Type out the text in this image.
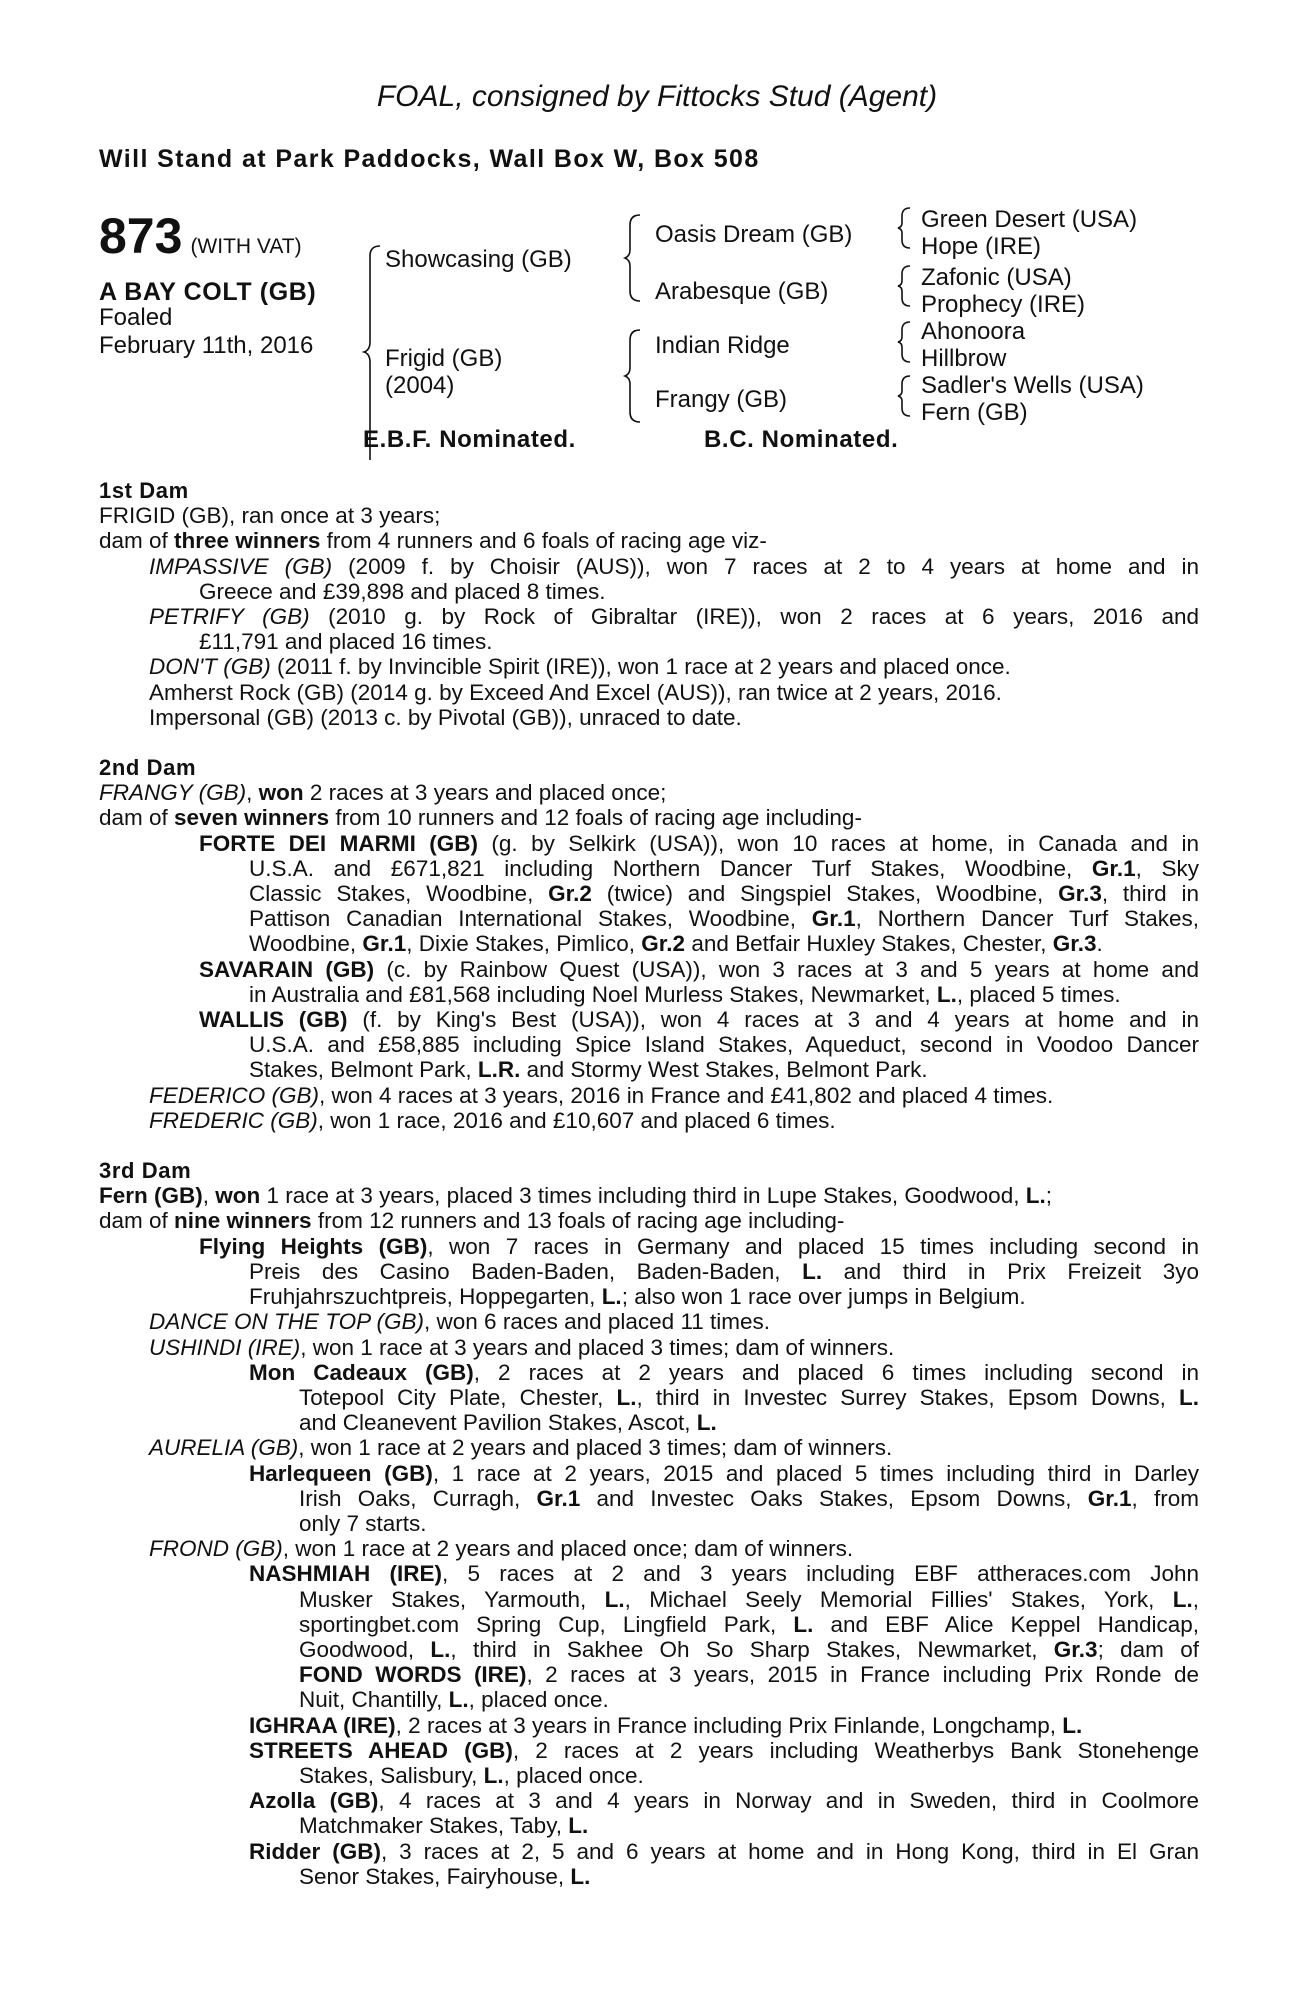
FOAL, consigned by Fittocks Stud (Agent)
Will Stand at Park Paddocks, Wall Box W, Box 508
873 (WITH VAT)
A BAY COLT (GB)
Foaled
February 11th, 2016
Showcasing (GB)
Frigid (GB)
(2004)
Oasis Dream (GB)
Arabesque (GB)
Indian Ridge
Frangy (GB)
Green Desert (USA)
Hope (IRE)
Zafonic (USA)
Prophecy (IRE)
Ahonoora
Hillbrow
Sadler's Wells (USA)
Fern (GB)
E.B.F. Nominated.	B.C. Nominated.
1st Dam
FRIGID (GB), ran once at 3 years;
dam of three winners from 4 runners and 6 foals of racing age viz-
IMPASSIVE (GB) (2009 f. by Choisir (AUS)), won 7 races at 2 to 4 years at home and in
Greece and £39,898 and placed 8 times.
PETRIFY (GB) (2010 g. by Rock of Gibraltar (IRE)), won 2 races at 6 years, 2016 and
£11,791 and placed 16 times.
DON'T (GB) (2011 f. by Invincible Spirit (IRE)), won 1 race at 2 years and placed once.
Amherst Rock (GB) (2014 g. by Exceed And Excel (AUS)), ran twice at 2 years, 2016.
Impersonal (GB) (2013 c. by Pivotal (GB)), unraced to date.
2nd Dam
FRANGY (GB), won 2 races at 3 years and placed once;
dam of seven winners from 10 runners and 12 foals of racing age including-
FORTE DEI MARMI (GB) (g. by Selkirk (USA)), won 10 races at home, in Canada and in
U.S.A. and £671,821 including Northern Dancer Turf Stakes, Woodbine, Gr.1, Sky
Classic Stakes, Woodbine, Gr.2 (twice) and Singspiel Stakes, Woodbine, Gr.3, third in
Pattison Canadian International Stakes, Woodbine, Gr.1, Northern Dancer Turf Stakes,
Woodbine, Gr.1, Dixie Stakes, Pimlico, Gr.2 and Betfair Huxley Stakes, Chester, Gr.3.
SAVARAIN (GB) (c. by Rainbow Quest (USA)), won 3 races at 3 and 5 years at home and
in Australia and £81,568 including Noel Murless Stakes, Newmarket, L., placed 5 times.
WALLIS (GB) (f. by King's Best (USA)), won 4 races at 3 and 4 years at home and in
U.S.A. and £58,885 including Spice Island Stakes, Aqueduct, second in Voodoo Dancer
Stakes, Belmont Park, L.R. and Stormy West Stakes, Belmont Park.
FEDERICO (GB), won 4 races at 3 years, 2016 in France and £41,802 and placed 4 times.
FREDERIC (GB), won 1 race, 2016 and £10,607 and placed 6 times.
3rd Dam
Fern (GB), won 1 race at 3 years, placed 3 times including third in Lupe Stakes, Goodwood, L.;
dam of nine winners from 12 runners and 13 foals of racing age including-
Flying Heights (GB), won 7 races in Germany and placed 15 times including second in
Preis des Casino Baden-Baden, Baden-Baden, L. and third in Prix Freizeit 3yo
Fruhjahrszuchtpreis, Hoppegarten, L.; also won 1 race over jumps in Belgium.
DANCE ON THE TOP (GB), won 6 races and placed 11 times.
USHINDI (IRE), won 1 race at 3 years and placed 3 times; dam of winners.
Mon Cadeaux (GB), 2 races at 2 years and placed 6 times including second in
Totepool City Plate, Chester, L., third in Investec Surrey Stakes, Epsom Downs, L.
and Cleanevent Pavilion Stakes, Ascot, L.
AURELIA (GB), won 1 race at 2 years and placed 3 times; dam of winners.
Harlequeen (GB), 1 race at 2 years, 2015 and placed 5 times including third in Darley
Irish Oaks, Curragh, Gr.1 and Investec Oaks Stakes, Epsom Downs, Gr.1, from
only 7 starts.
FROND (GB), won 1 race at 2 years and placed once; dam of winners.
NASHMIAH (IRE), 5 races at 2 and 3 years including EBF attheraces.com John
Musker Stakes, Yarmouth, L., Michael Seely Memorial Fillies' Stakes, York, L.,
sportingbet.com Spring Cup, Lingfield Park, L. and EBF Alice Keppel Handicap,
Goodwood, L., third in Sakhee Oh So Sharp Stakes, Newmarket, Gr.3; dam of
FOND WORDS (IRE), 2 races at 3 years, 2015 in France including Prix Ronde de
Nuit, Chantilly, L., placed once.
IGHRAA (IRE), 2 races at 3 years in France including Prix Finlande, Longchamp, L.
STREETS AHEAD (GB), 2 races at 2 years including Weatherbys Bank Stonehenge
Stakes, Salisbury, L., placed once.
Azolla (GB), 4 races at 3 and 4 years in Norway and in Sweden, third in Coolmore
Matchmaker Stakes, Taby, L.
Ridder (GB), 3 races at 2, 5 and 6 years at home and in Hong Kong, third in El Gran
Senor Stakes, Fairyhouse, L.
